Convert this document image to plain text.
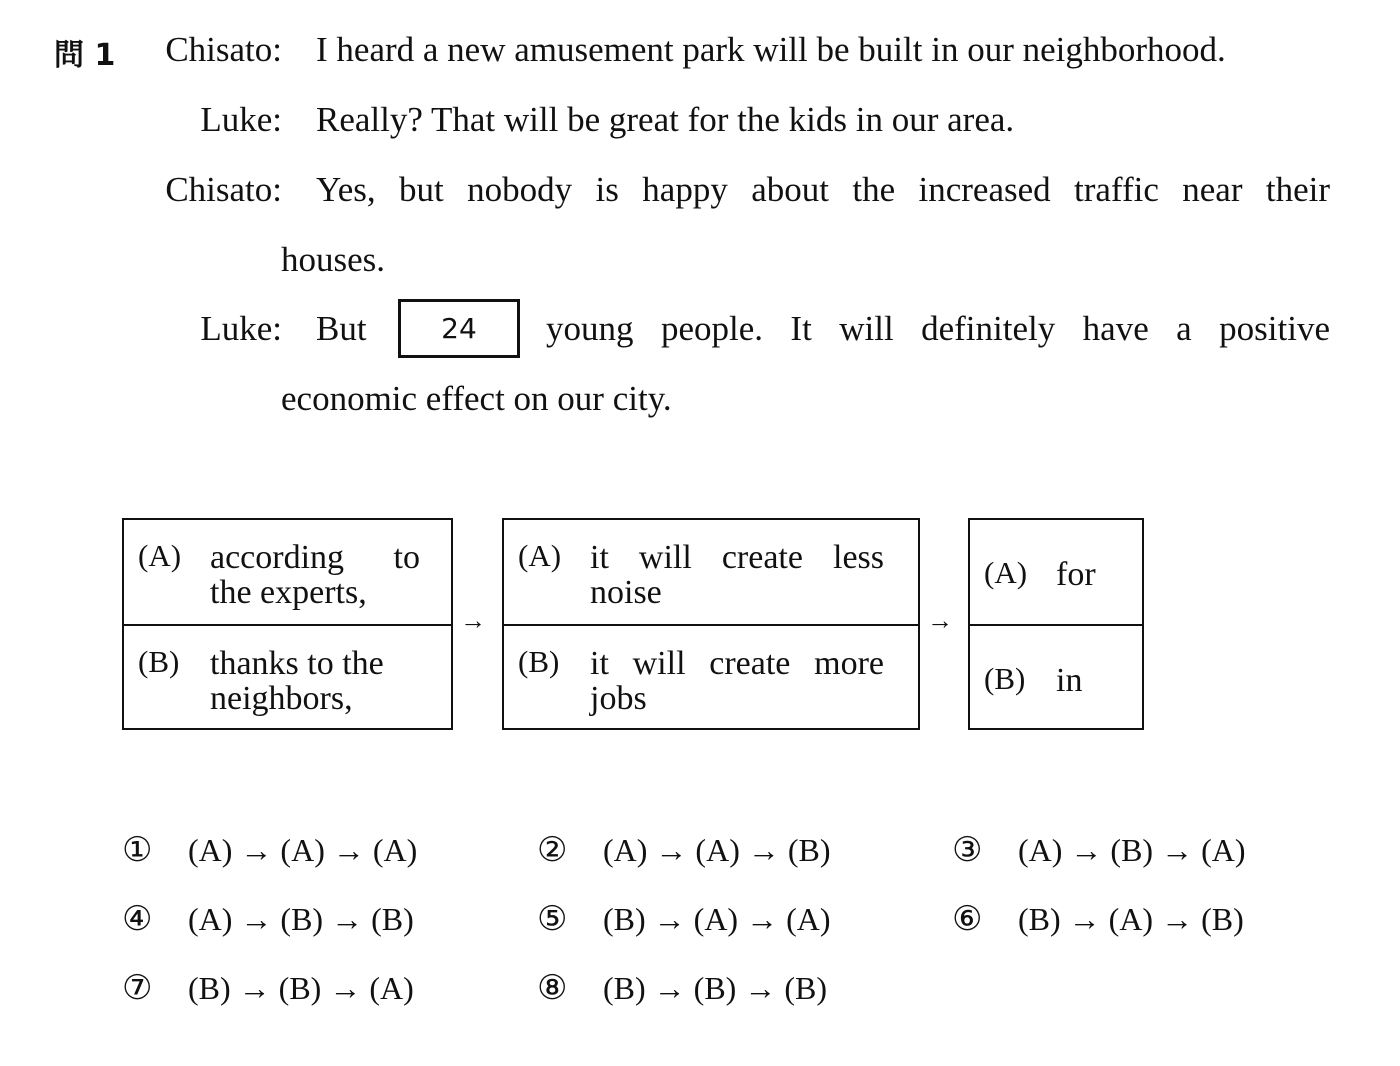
問 1	Chisato: I heard a new amusement park will be built in our neighborhood.
Luke: Really? That will be great for the kids in our area.
Chisato: Yes, but nobody is happy about the increased traffic near their
houses.
Luke: But	24	young people. It will definitely have a positive
economic effect on our city.
(A) according to
the experts,
(B) thanks to the
neighbors,
→
(A) it will create less
noise
(B) it will create more
jobs
→
(A) for
(B) in
① (A) → (A) → (A)	② (A) → (A) → (B)	③ (A) → (B) → (A)
④ (A) → (B) → (B)	⑤ (B) → (A) → (A)	⑥ (B) → (A) → (B)
⑦ (B) → (B) → (A)	⑧ (B) → (B) → (B)
